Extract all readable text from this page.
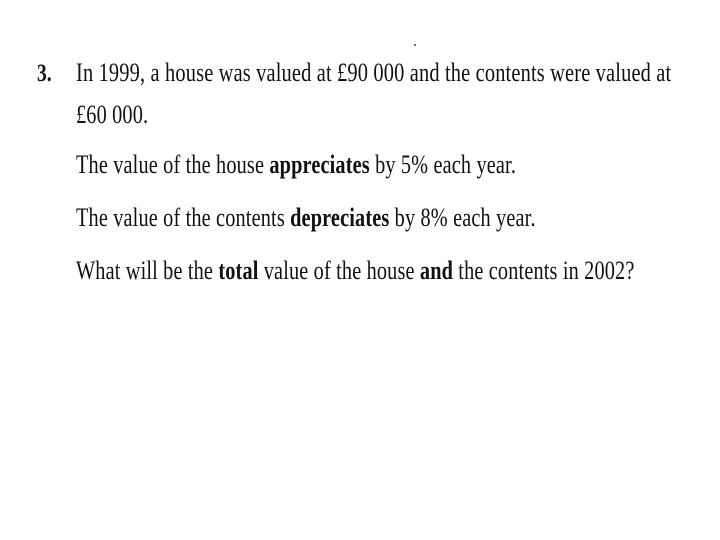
3. In 1999, a house was valued at £90 000 and the contents were valued at
£60 000.
The value of the house appreciates by 5% each year.
The value of the contents depreciates by 8% each year.
What will be the total value of the house and the contents in 2002?
